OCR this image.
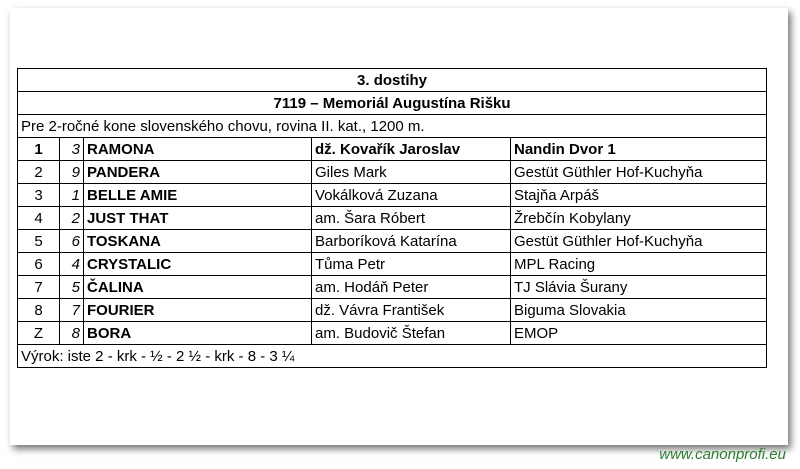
3. dostihy				
7119 – Memoriál Augustína Rišku				
Pre 2-ročné kone slovenského chovu, rovina II. kat., 1200 m.				
1	3	RAMONA	dž. Kovařík Jaroslav	Nandin Dvor 1
2	9	PANDERA	Giles Mark	Gestüt Güthler Hof-Kuchyňa
3	1	BELLE AMIE	Vokálková Zuzana	Stajňa Arpáš
4	2	JUST THAT	am. Šara Róbert	Žrebčín Kobylany
5	6	TOSKANA	Barboríková Katarína	Gestüt Güthler Hof-Kuchyňa
6	4	CRYSTALIC	Tůma Petr	MPL Racing
7	5	ČALINA	am. Hodáň Peter	TJ Slávia Šurany
8	7	FOURIER	dž. Vávra František	Biguma Slovakia
Z	8	BORA	am. Budovič Štefan	EMOP
Výrok: iste 2 - krk - ½ - 2 ½ - krk - 8 - 3 ¼				
www.canonprofi.eu
